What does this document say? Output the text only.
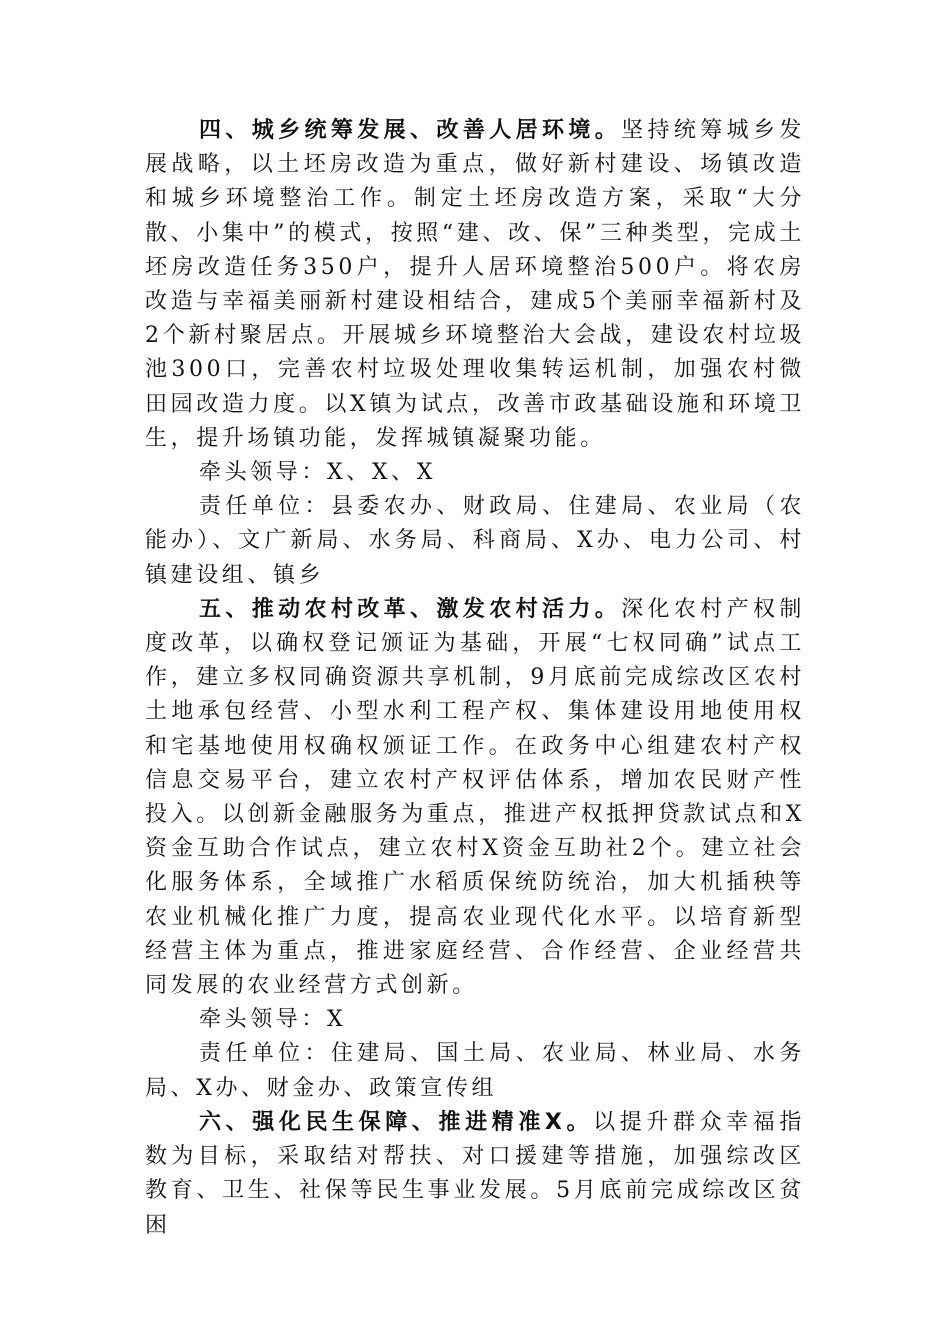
四、城乡统筹发展、改善人居环境。坚持统筹城乡发展战略，以土坯房改造为重点，做好新村建设、场镇改造和城乡环境整治工作。制定土坯房改造方案，采取“大分散、小集中”的模式，按照“建、改、保”三种类型，完成土坯房改造任务350户，提升人居环境整治500户。将农房改造与幸福美丽新村建设相结合，建成5个美丽幸福新村及2个新村聚居点。开展城乡环境整治大会战，建设农村垃圾池300口，完善农村垃圾处理收集转运机制，加强农村微田园改造力度。以X镇为试点，改善市政基础设施和环境卫生，提升场镇功能，发挥城镇凝聚功能。

牵头领导：X、X、X

责任单位：县委农办、财政局、住建局、农业局（农能办）、文广新局、水务局、科商局、X办、电力公司、村镇建设组、镇乡

五、推动农村改革、激发农村活力。深化农村产权制度改革，以确权登记颁证为基础，开展“七权同确”试点工作，建立多权同确资源共享机制，9月底前完成综改区农村土地承包经营、小型水利工程产权、集体建设用地使用权和宅基地使用权确权颁证工作。在政务中心组建农村产权信息交易平台，建立农村产权评估体系，增加农民财产性投入。以创新金融服务为重点，推进产权抵押贷款试点和X资金互助合作试点，建立农村X资金互助社2个。建立社会化服务体系，全域推广水稻质保统防统治，加大机插秧等农业机械化推广力度，提高农业现代化水平。以培育新型经营主体为重点，推进家庭经营、合作经营、企业经营共同发展的农业经营方式创新。

牵头领导：X

责任单位：住建局、国土局、农业局、林业局、水务局、X办、财金办、政策宣传组

六、强化民生保障、推进精准X。以提升群众幸福指数为目标，采取结对帮扶、对口援建等措施，加强综改区教育、卫生、社保等民生事业发展。5月底前完成综改区贫困
